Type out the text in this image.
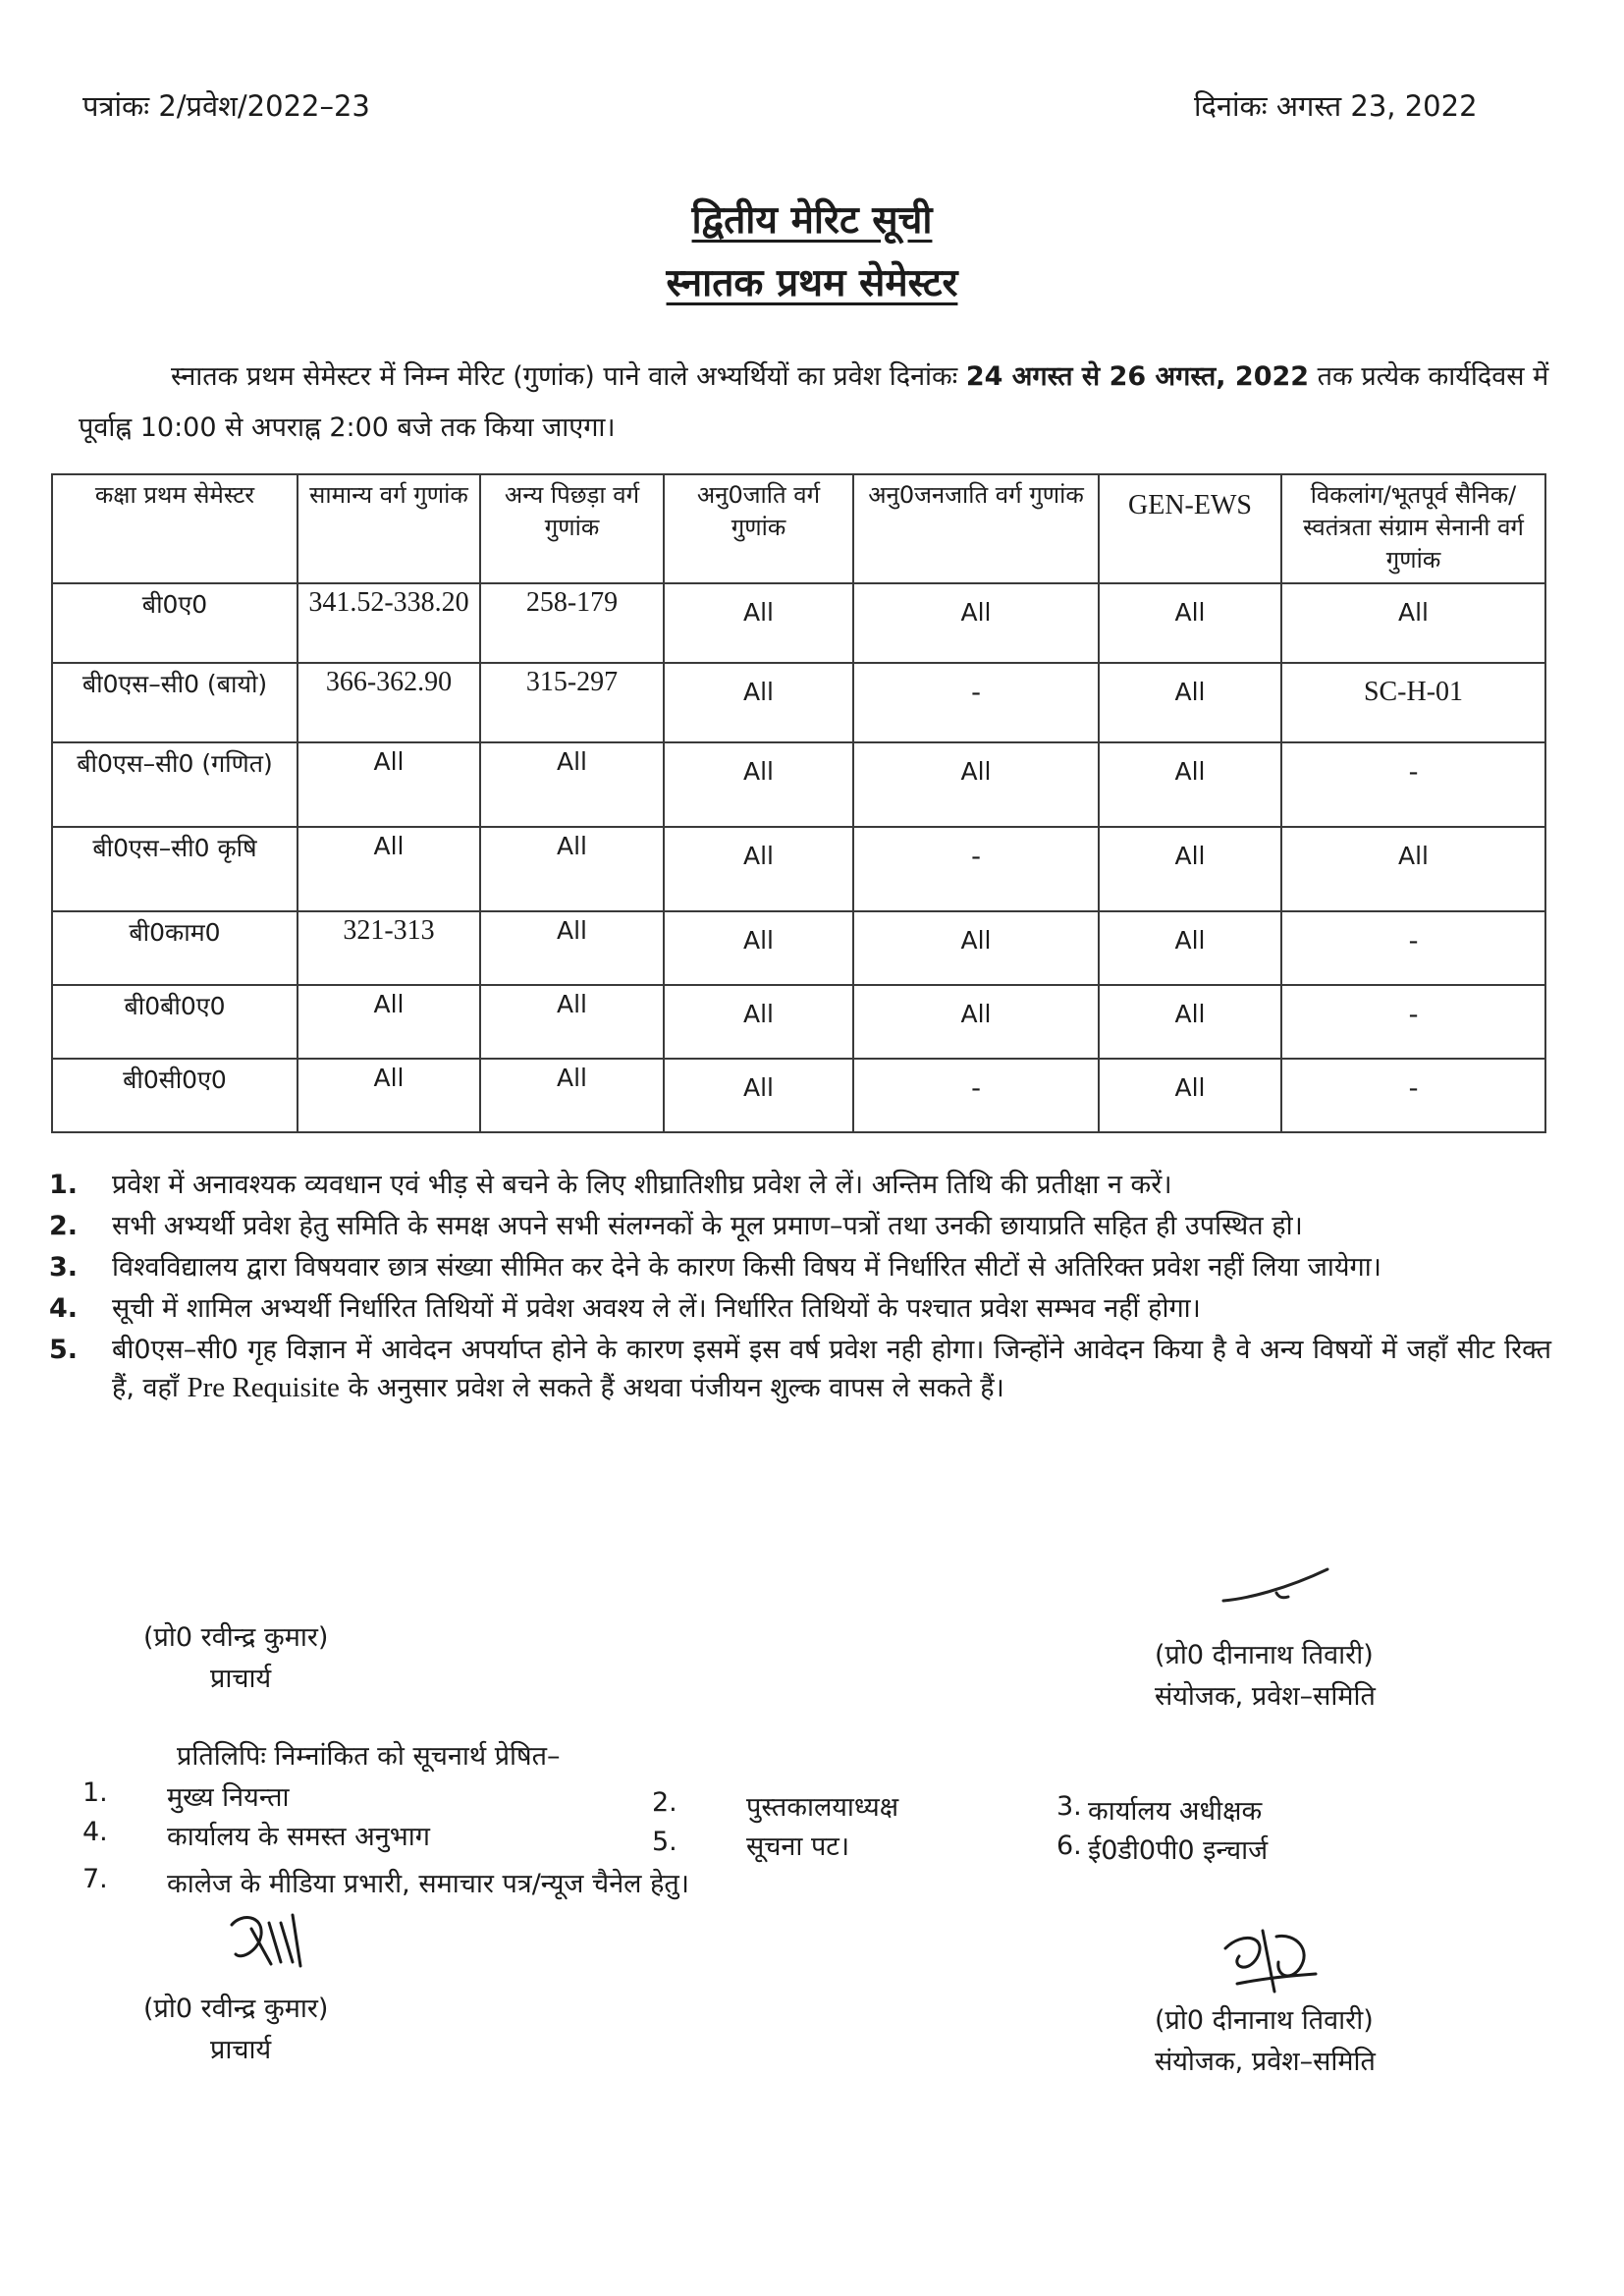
पत्रांकः 2/प्रवेश/2022–23	दिनांकः अगस्त 23, 2022
द्वितीय मेरिट सूची
स्नातक प्रथम सेमेस्टर
स्नातक प्रथम सेमेस्टर में निम्न मेरिट (गुणांक) पाने वाले अभ्यर्थियों का प्रवेश दिनांकः 24 अगस्त से 26 अगस्त, 2022 तक प्रत्येक कार्यदिवस में पूर्वाह्न 10:00 से अपराह्न 2:00 बजे तक किया जाएगा।
कक्षा प्रथम सेमेस्टर	सामान्य वर्ग गुणांक	अन्य पिछड़ा वर्ग गुणांक	अनु0जाति वर्ग गुणांक	अनु0जनजाति वर्ग गुणांक	GEN-EWS	विकलांग/भूतपूर्व सैनिक/स्वतंत्रता संग्राम सेनानी वर्ग गुणांक
बी0ए0	341.52-338.20	258-179	All	All	All	All
बी0एस–सी0 (बायो)	366-362.90	315-297	All	-	All	SC-H-01
बी0एस–सी0 (गणित)	All	All	All	All	All	-
बी0एस–सी0 कृषि	All	All	All	-	All	All
बी0काम0	321-313	All	All	All	All	-
बी0बी0ए0	All	All	All	All	All	-
बी0सी0ए0	All	All	All	-	All	-
1. प्रवेश में अनावश्यक व्यवधान एवं भीड़ से बचने के लिए शीघ्रातिशीघ्र प्रवेश ले लें। अन्तिम तिथि की प्रतीक्षा न करें।
2. सभी अभ्यर्थी प्रवेश हेतु समिति के समक्ष अपने सभी संलग्नकों के मूल प्रमाण–पत्रों तथा उनकी छायाप्रति सहित ही उपस्थित हो।
3. विश्वविद्यालय द्वारा विषयवार छात्र संख्या सीमित कर देने के कारण किसी विषय में निर्धारित सीटों से अतिरिक्त प्रवेश नहीं लिया जायेगा।
4. सूची में शामिल अभ्यर्थी निर्धारित तिथियों में प्रवेश अवश्य ले लें। निर्धारित तिथियों के पश्चात प्रवेश सम्भव नहीं होगा।
5. बी0एस–सी0 गृह विज्ञान में आवेदन अपर्याप्त होने के कारण इसमें इस वर्ष प्रवेश नही होगा। जिन्होंने आवेदन किया है वे अन्य विषयों में जहाँ सीट रिक्त हैं, वहाँ Pre Requisite के अनुसार प्रवेश ले सकते हैं अथवा पंजीयन शुल्क वापस ले सकते हैं।
(प्रो0 रवीन्द्र कुमार)
प्राचार्य
(प्रो0 दीनानाथ तिवारी)
संयोजक, प्रवेश–समिति
प्रतिलिपिः निम्नांकित को सूचनार्थ प्रेषित–
1. मुख्य नियन्ता	2.	पुस्तकालयाध्यक्ष	3. कार्यालय अधीक्षक
4. कार्यालय के समस्त अनुभाग	5.	सूचना पट।	6. ई0डी0पी0 इन्चार्ज
7. कालेज के मीडिया प्रभारी, समाचार पत्र/न्यूज चैनेल हेतु।
(प्रो0 रवीन्द्र कुमार)
प्राचार्य
(प्रो0 दीनानाथ तिवारी)
संयोजक, प्रवेश–समिति
